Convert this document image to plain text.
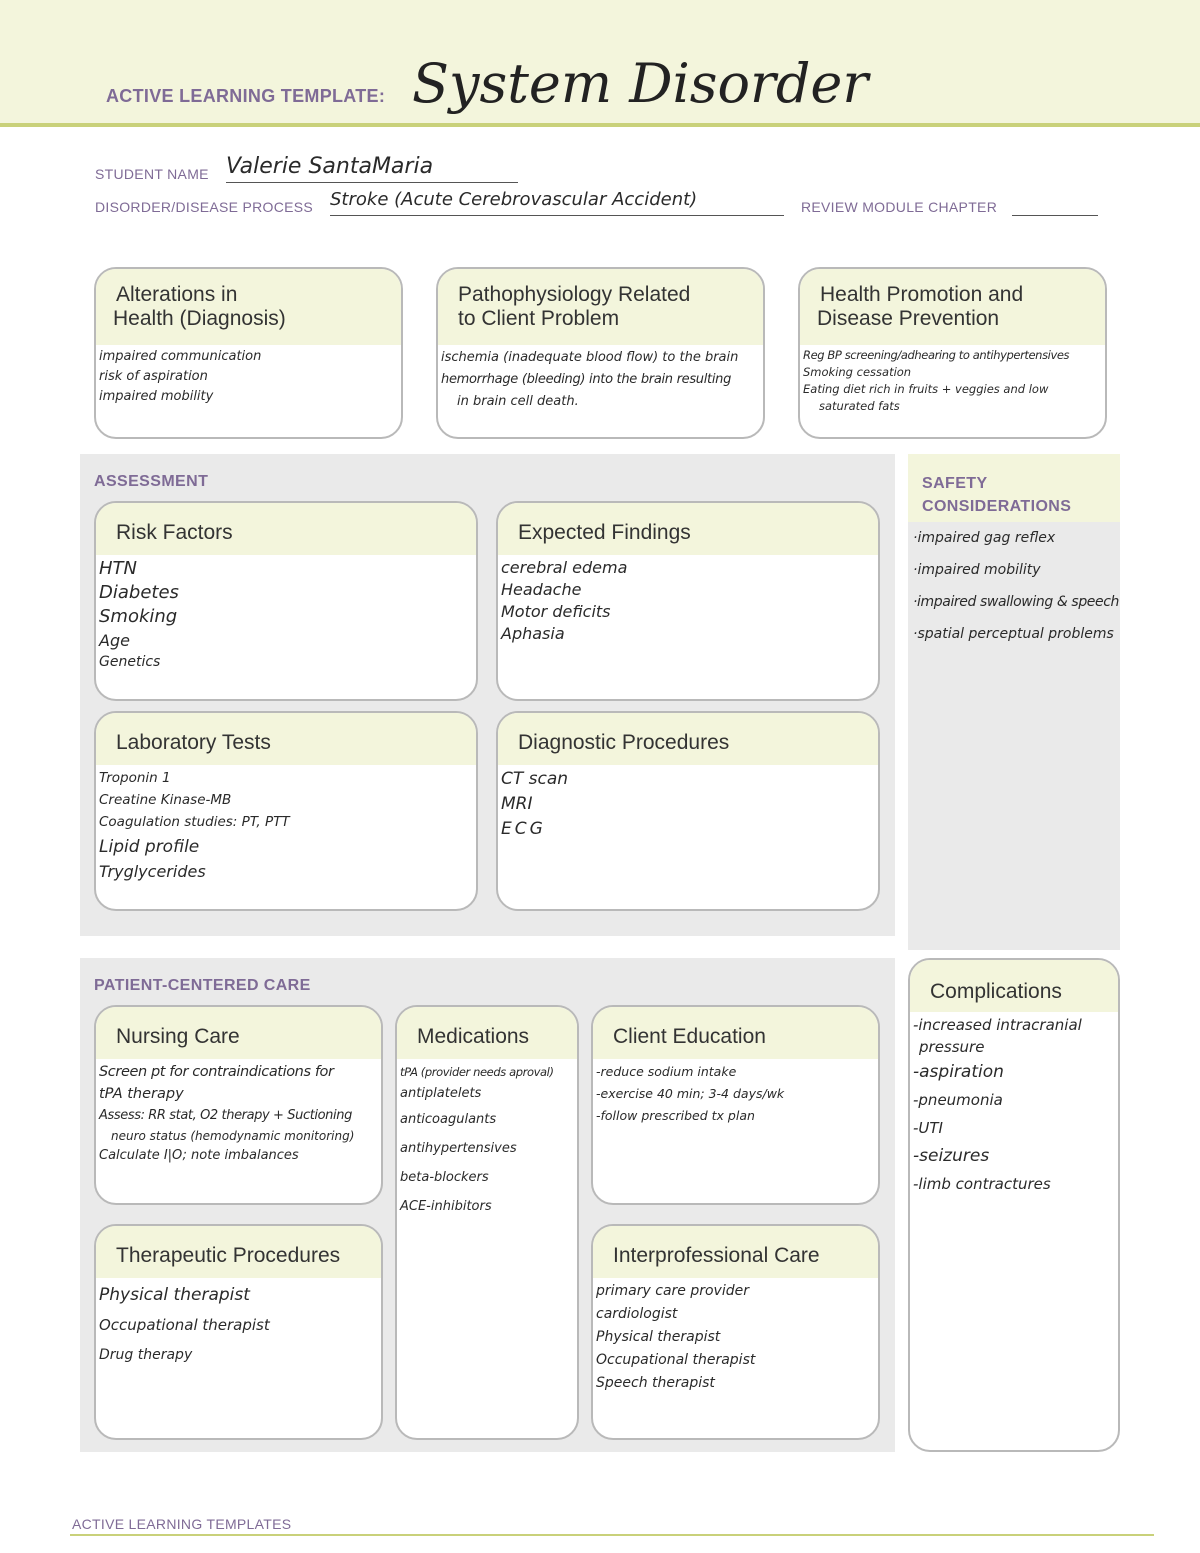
ACTIVE LEARNING TEMPLATE: System Disorder
STUDENT NAME Valerie SantaMaria
DISORDER/DISEASE PROCESS Stroke (Acute Cerebrovascular Accident)	REVIEW MODULE CHAPTER
Alterations in
Health (Diagnosis)
impaired communication
risk of aspiration
impaired mobility
Pathophysiology Related
to Client Problem
ischemia (inadequate blood flow) to the brain
hemorrhage (bleeding) into the brain resulting
in brain cell death.
Health Promotion and
Disease Prevention
Reg BP screening/adhearing to antihypertensives
Smoking cessation
Eating diet rich in fruits + veggies and low
saturated fats
ASSESSMENT
Risk Factors
HTN
Diabetes
Smoking
Age
Genetics
Expected Findings
cerebral edema
Headache
Motor deficits
Aphasia
Laboratory Tests
Troponin 1
Creatine Kinase-MB
Coagulation studies: PT, PTT
Lipid profile
Tryglycerides
Diagnostic Procedures
CT scan
MRI
ECG
SAFETY
CONSIDERATIONS
·impaired gag reflex
·impaired mobility
·impaired swallowing & speech
·spatial perceptual problems
PATIENT-CENTERED CARE
Nursing Care
Screen pt for contraindications for
tPA therapy
Assess: RR stat, O2 therapy + Suctioning
neuro status (hemodynamic monitoring)
Calculate I|O; note imbalances
Medications
tPA (provider needs aproval)
antiplatelets
anticoagulants
antihypertensives
beta-blockers
ACE-inhibitors
Client Education
-reduce sodium intake
-exercise 40 min; 3-4 days/wk
-follow prescribed tx plan
Therapeutic Procedures
Physical therapist
Occupational therapist
Drug therapy
Interprofessional Care
primary care provider
cardiologist
Physical therapist
Occupational therapist
Speech therapist
Complications
-increased intracranial
pressure
-aspiration
-pneumonia
-UTI
-seizures
-limb contractures
ACTIVE LEARNING TEMPLATES
